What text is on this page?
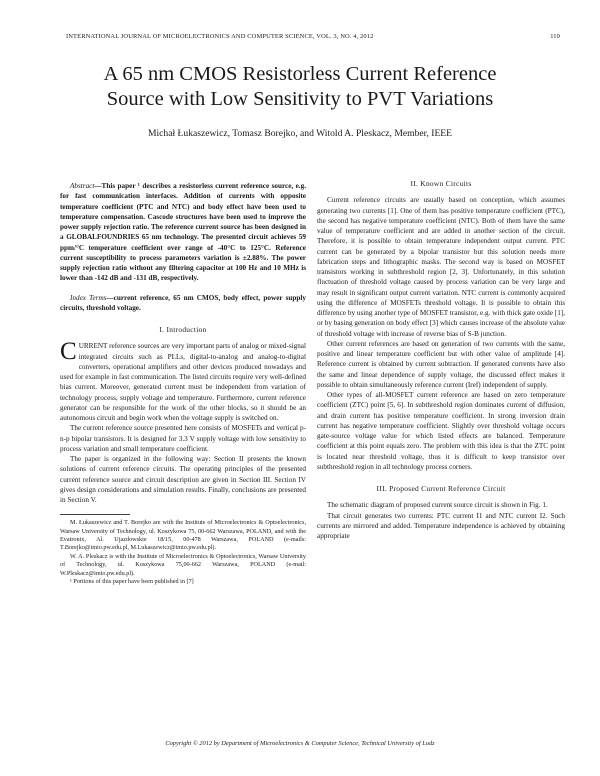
INTERNATIONAL JOURNAL OF MICROELECTRONICS AND COMPUTER SCIENCE, VOL. 3, NO. 4, 2012	119
A 65 nm CMOS Resistorless Current Reference
Source with Low Sensitivity to PVT Variations
Michał Łukaszewicz, Tomasz Borejko, and Witold A. Pleskacz, Member, IEEE

Abstract—This paper ¹ describes a resistorless current reference source, e.g. for fast communication interfaces. Addition of currents with opposite temperature coefficient (PTC and NTC) and body effect have been used to temperature compensation. Cascode structures have been used to improve the power supply rejection ratio. The reference current source has been designed in a GLOBALFOUNDRIES 65 nm technology. The presented circuit achieves 59 ppm/°C temperature coefficient over range of -40°C to 125°C. Reference current susceptibility to process parameters variation is ±2.88%. The power supply rejection ratio without any filtering capacitor at 100 Hz and 10 MHz is lower than -142 dB and -131 dB, respectively.

Index Terms—current reference, 65 nm CMOS, body effect, power supply circuits, threshold voltage.

I. Introduction

CURRENT reference sources are very important parts of analog or mixed-signal integrated circuits such as PLLs, digital-to-analog and analog-to-digital converters, operational amplifiers and other devices produced nowadays and used for example in fast communication. The listed circuits require very well-defined bias current. Moreover, generated current must be independent from variation of technology process, supply voltage and temperature. Furthermore, current reference generator can be responsible for the work of the other blocks, so it should be an autonomous circuit and begin work when the voltage supply is switched on.

The current reference source presented here consists of MOSFETs and vertical p-n-p bipolar transistors. It is designed for 3.3 V supply voltage with low sensitivity to process variation and small temperature coefficient.

The paper is organized in the following way: Section II presents the known solutions of current reference circuits. The operating principles of the presented current reference source and circuit description are given in Section III. Section IV gives design considerations and simulation results. Finally, conclusions are presented in Section V.

M. Łukaszewicz and T. Borejko are with the Institute of Microelectronics & Optoelectronics, Warsaw University of Technology, ul. Koszykowa 75, 00-662 Warszawa, POLAND, and with the Evatronix, Al. Ujazdowskie 18/15, 00-478 Warszawa, POLAND (e-mails: T.Borejko@imio.pw.edu.pl, M.Lukaszewicz@imio.pw.edu.pl).

W. A. Pleskacz is with the Institute of Microelectronics & Optoelectronics, Warsaw University of Technology, ul. Koszykowa 75,00-662 Warszawa, POLAND (e-mail: W.Pleskacz@imio.pw.edu.pl).

¹ Portions of this paper have been published in [7]

II. Known Circuits

Current reference circuits are usually based on conception, which assumes generating two currents [1]. One of them has positive temperature coefficient (PTC), the second has negative temperature coefficient (NTC). Both of them have the same value of temperature coefficient and are added in another section of the circuit. Therefore, it is possible to obtain temperature independent output current. PTC current can be generated by a bipolar transistor but this solution needs more fabrication steps and lithographic masks. The second way is based on MOSFET transistors working in subthreshold region [2, 3]. Unfortunately, in this solution fluctuation of threshold voltage caused by process variation can be very large and may result in significant output current variation. NTC current is commonly acquired using the difference of MOSFETs threshold voltage. It is possible to obtain this difference by using another type of MOSFET transistor, e.g. with thick gate oxide [1], or by basing generation on body effect [3] which causes increase of the absolute value of threshold voltage with increase of reverse bias of S-B junction.

Other current references are based on generation of two currents with the same, positive and linear temperature coefficient but with other value of amplitude [4]. Reference current is obtained by current subtraction. If generated currents have also the same and linear dependence of supply voltage, the discussed effect makes it possible to obtain simultaneously reference current (Iref) independent of supply.

Other types of all-MOSFET current reference are based on zero temperature coefficient (ZTC) point [5, 6]. In subthreshold region dominates current of diffusion, and drain current has positive temperature coefficient. In strong inversion drain current has negative temperature coefficient. Slightly over threshold voltage occurs gate-source voltage value for which listed effects are balanced. Temperature coefficient at this point equals zero. The problem with this idea is that the ZTC point is located near threshold voltage, thus it is difficult to keep transistor over subthreshold region in all technology process corners.

III. Proposed Current Reference Circuit

The schematic diagram of proposed current source circuit is shown in Fig. 1.

That circuit generates two currents: PTC current I1 and NTC current I2. Such currents are mirrored and added. Temperature independence is achieved by obtaining appropriate

Copyright © 2012 by Department of Microelectronics & Computer Science, Technical University of Lodz
